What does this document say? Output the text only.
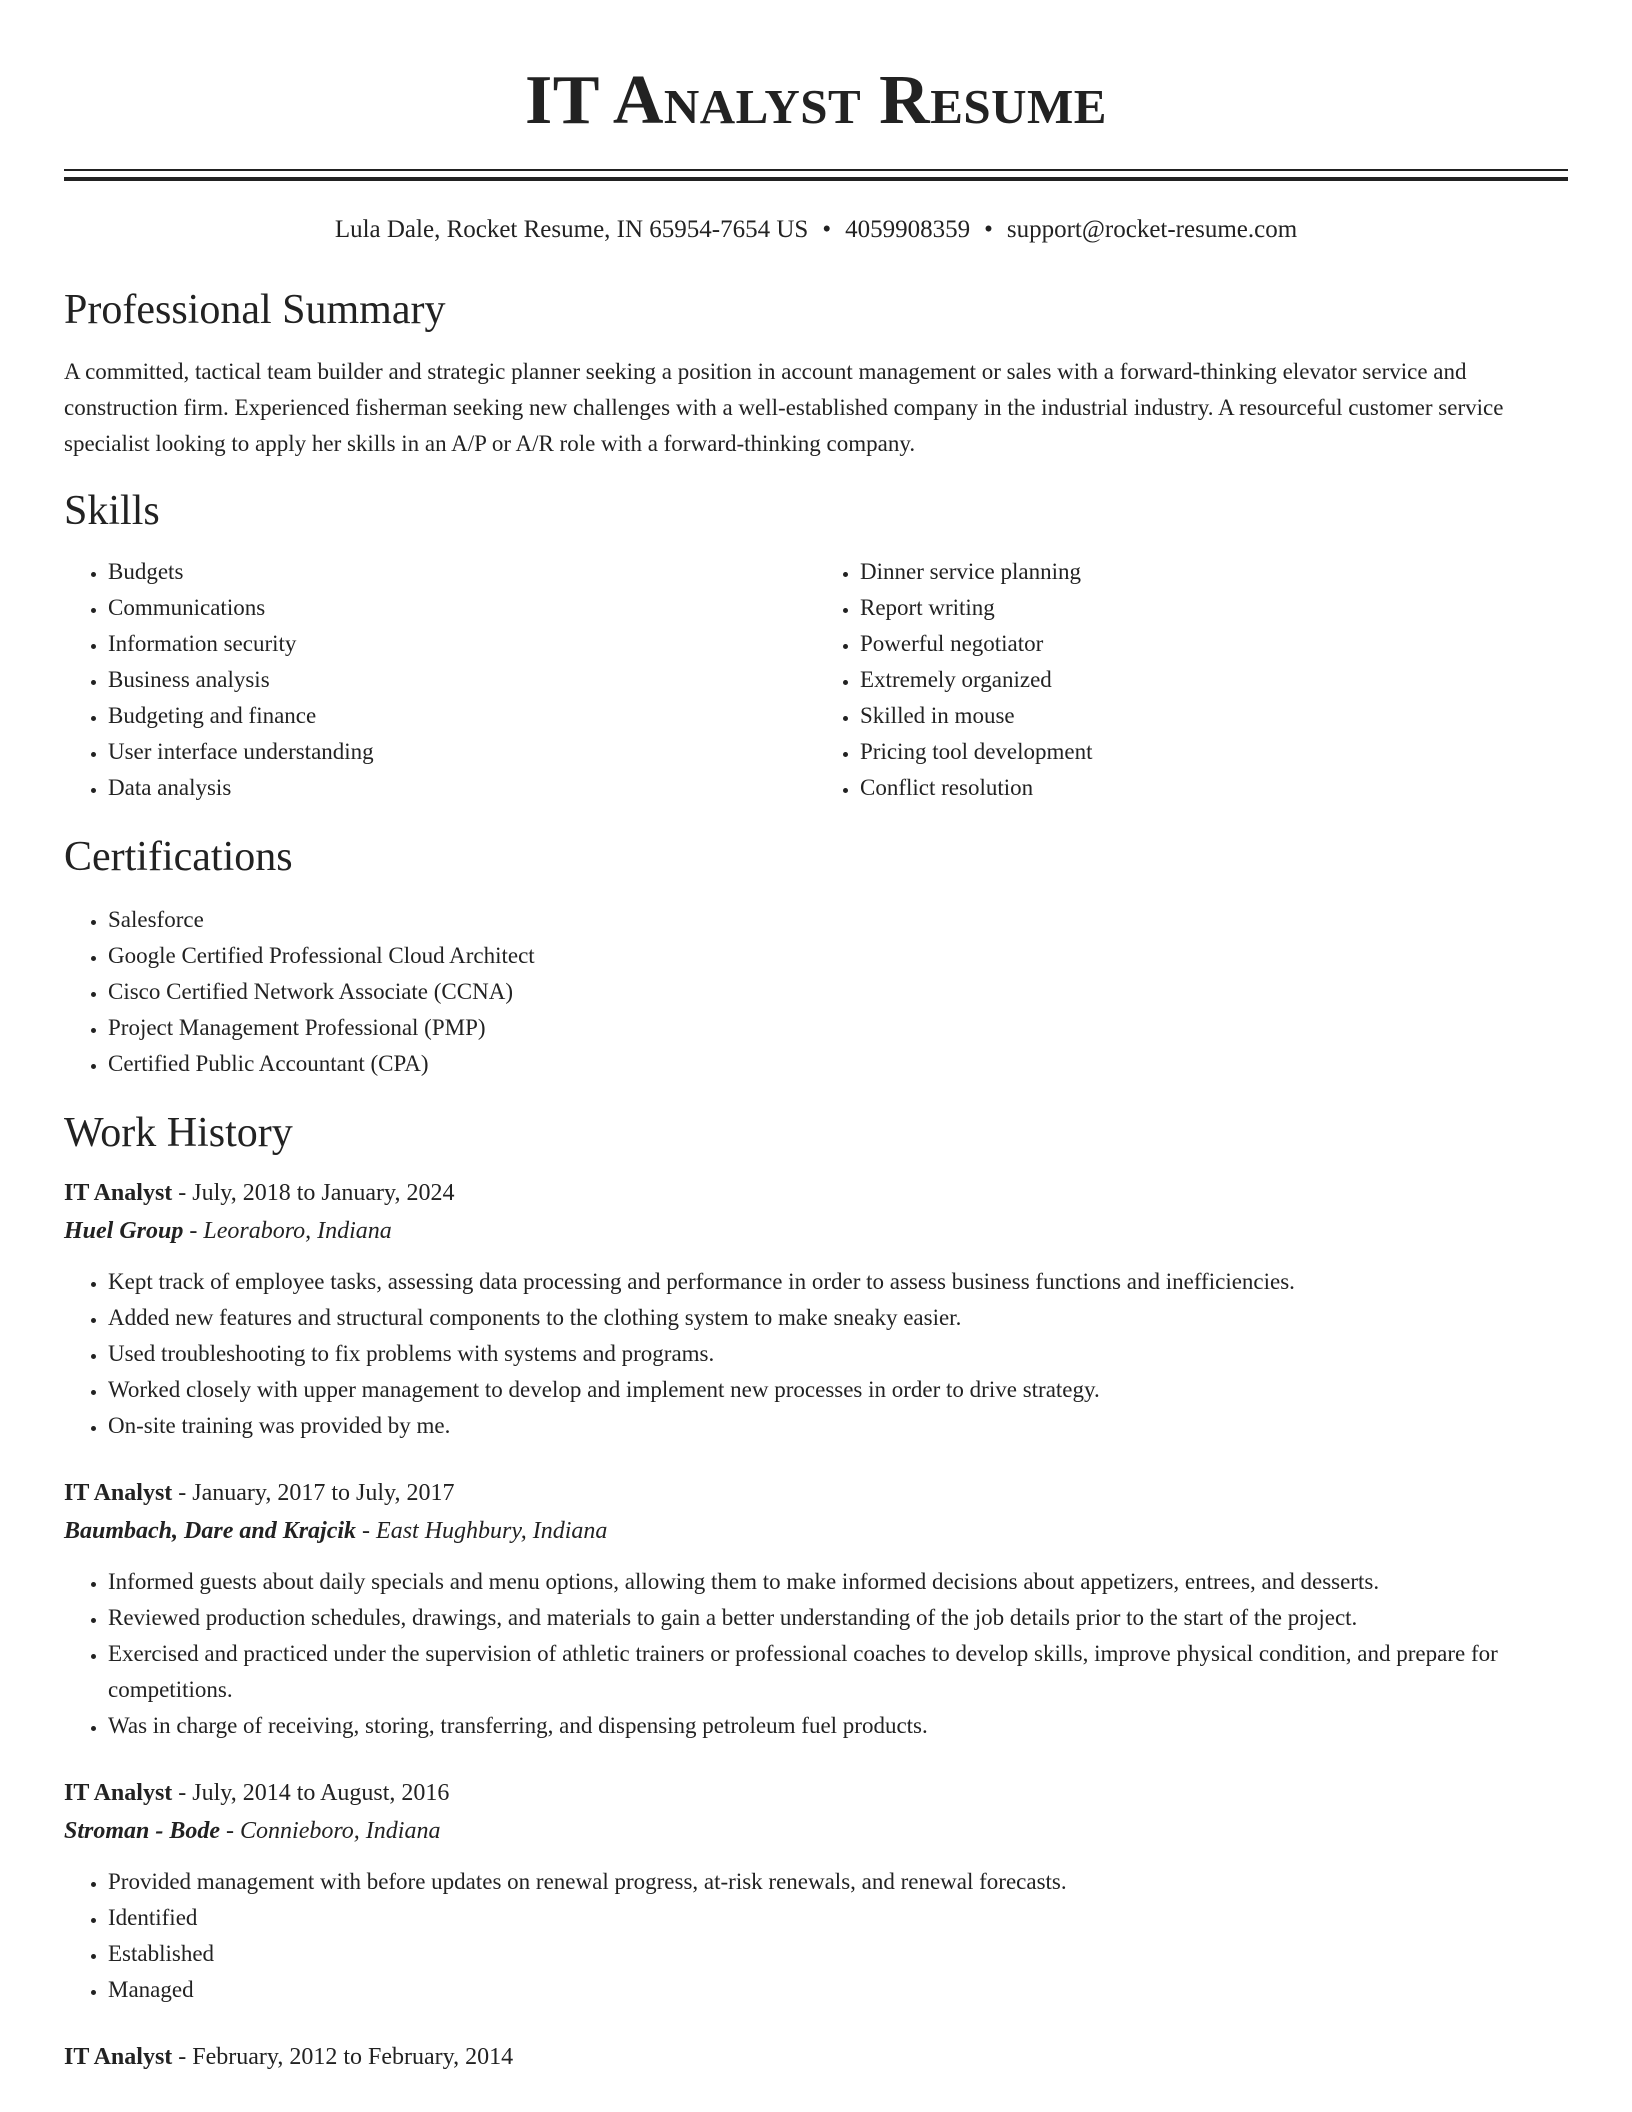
IT Analyst Resume
Lula Dale, Rocket Resume, IN 65954-7654 US • 4059908359 • support@rocket-resume.com
Professional Summary

A committed, tactical team builder and strategic planner seeking a position in account management or sales with a forward-thinking elevator service and construction firm. Experienced fisherman seeking new challenges with a well-established company in the industrial industry. A resourceful customer service specialist looking to apply her skills in an A/P or A/R role with a forward-thinking company.

Skills
• Budgets
• Communications
• Information security
• Business analysis
• Budgeting and finance
• User interface understanding
• Data analysis
• Dinner service planning
• Report writing
• Powerful negotiator
• Extremely organized
• Skilled in mouse
• Pricing tool development
• Conflict resolution
Certifications
• Salesforce
• Google Certified Professional Cloud Architect
• Cisco Certified Network Associate (CCNA)
• Project Management Professional (PMP)
• Certified Public Accountant (CPA)
Work History
IT Analyst - July, 2018 to January, 2024
Huel Group - Leoraboro, Indiana
• Kept track of employee tasks, assessing data processing and performance in order to assess business functions and inefficiencies.
• Added new features and structural components to the clothing system to make sneaky easier.
• Used troubleshooting to fix problems with systems and programs.
• Worked closely with upper management to develop and implement new processes in order to drive strategy.
• On-site training was provided by me.
IT Analyst - January, 2017 to July, 2017
Baumbach, Dare and Krajcik - East Hughbury, Indiana
• Informed guests about daily specials and menu options, allowing them to make informed decisions about appetizers, entrees, and desserts.
• Reviewed production schedules, drawings, and materials to gain a better understanding of the job details prior to the start of the project.
• Exercised and practiced under the supervision of athletic trainers or professional coaches to develop skills, improve physical condition, and prepare for competitions.
• Was in charge of receiving, storing, transferring, and dispensing petroleum fuel products.
IT Analyst - July, 2014 to August, 2016
Stroman - Bode - Connieboro, Indiana
• Provided management with before updates on renewal progress, at-risk renewals, and renewal forecasts.
• Identified
• Established
• Managed
IT Analyst - February, 2012 to February, 2014
